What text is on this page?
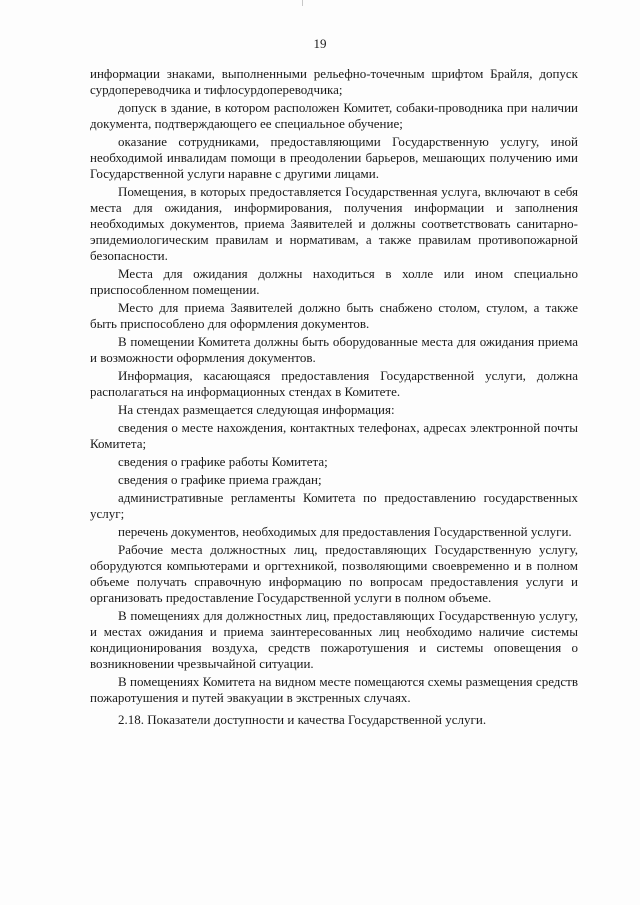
19

информации знаками, выполненными рельефно-точечным шрифтом Брайля, допуск сурдопереводчика и тифлосурдопереводчика;

допуск в здание, в котором расположен Комитет, собаки-проводника при наличии документа, подтверждающего ее специальное обучение;

оказание сотрудниками, предоставляющими Государственную услугу, иной необходимой инвалидам помощи в преодолении барьеров, мешающих получению ими Государственной услуги наравне с другими лицами.

Помещения, в которых предоставляется Государственная услуга, включают в себя места для ожидания, информирования, получения информации и заполнения необходимых документов, приема Заявителей и должны соответствовать санитарно-эпидемиологическим правилам и нормативам, а также правилам противопожарной безопасности.

Места для ожидания должны находиться в холле или ином специально приспособленном помещении.

Место для приема Заявителей должно быть снабжено столом, стулом, а также быть приспособлено для оформления документов.

В помещении Комитета должны быть оборудованные места для ожидания приема и возможности оформления документов.

Информация, касающаяся предоставления Государственной услуги, должна располагаться на информационных стендах в Комитете.

На стендах размещается следующая информация:

сведения о месте нахождения, контактных телефонах, адресах электронной почты Комитета;

сведения о графике работы Комитета;

сведения о графике приема граждан;

административные регламенты Комитета по предоставлению государственных услуг;

перечень документов, необходимых для предоставления Государственной услуги.

Рабочие места должностных лиц, предоставляющих Государственную услугу, оборудуются компьютерами и оргтехникой, позволяющими своевременно и в полном объеме получать справочную информацию по вопросам предоставления услуги и организовать предоставление Государственной услуги в полном объеме.

В помещениях для должностных лиц, предоставляющих Государственную услугу, и местах ожидания и приема заинтересованных лиц необходимо наличие системы кондиционирования воздуха, средств пожаротушения и системы оповещения о возникновении чрезвычайной ситуации.

В помещениях Комитета на видном месте помещаются схемы размещения средств пожаротушения и путей эвакуации в экстренных случаях.

2.18. Показатели доступности и качества Государственной услуги.
